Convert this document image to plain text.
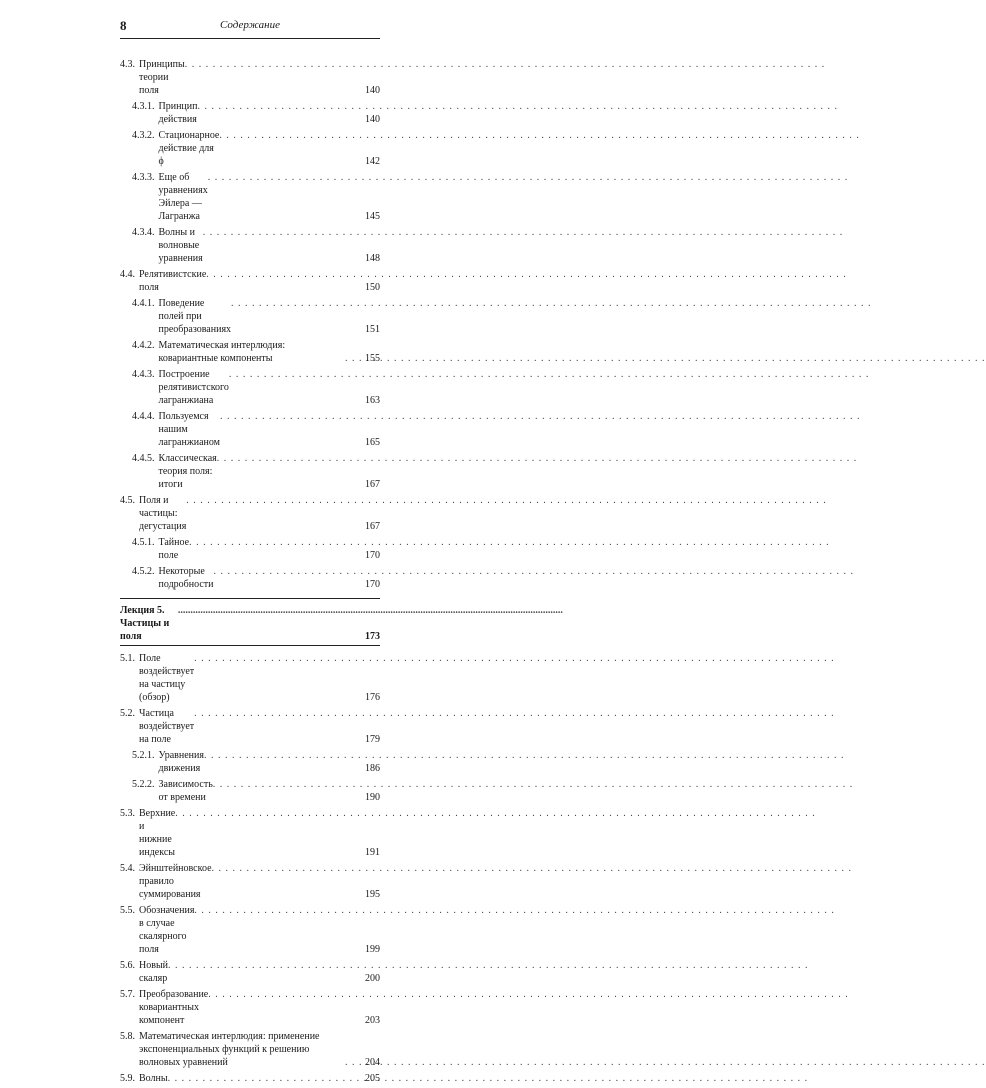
8	Содержание
4.3. Принципы теории поля . . .	140
4.3.1. Принцип действия . . .	140
4.3.2. Стационарное действие для ϕ . . .	142
4.3.3. Еще об уравнениях Эйлера — Лагранжа . . .	145
4.3.4. Волны и волновые уравнения . . .	148
4.4. Релятивистские поля . . .	150
4.4.1. Поведение полей при преобразованиях . . .	151
4.4.2. Математическая интерлюдия: ковариантные компоненты . . .	155
4.4.3. Построение релятивистского лагранжиана . . .	163
4.4.4. Пользуемся нашим лагранжианом . . .	165
4.4.5. Классическая теория поля: итоги . . .	167
4.5. Поля и частицы: дегустация . . .	167
4.5.1. Тайное поле . . .	170
4.5.2. Некоторые подробности . . .	170
Лекция 5. Частицы и поля .....	173
5.1. Поле воздействует на частицу (обзор) . . .	176
5.2. Частица воздействует на поле . . .	179
5.2.1. Уравнения движения . . .	186
5.2.2. Зависимость от времени . . .	190
5.3. Верхние и нижние индексы . . .	191
5.4. Эйнштейновское правило суммирования . . .	195
5.5. Обозначения в случае скалярного поля . . .	199
5.6. Новый скаляр . . .	200
5.7. Преобразование ковариантных компонент . . .	203
5.8. Математическая интерлюдия: применение экспоненциальных функций к решению волновых уравнений . . .	204
5.9. Волны . . .	205
